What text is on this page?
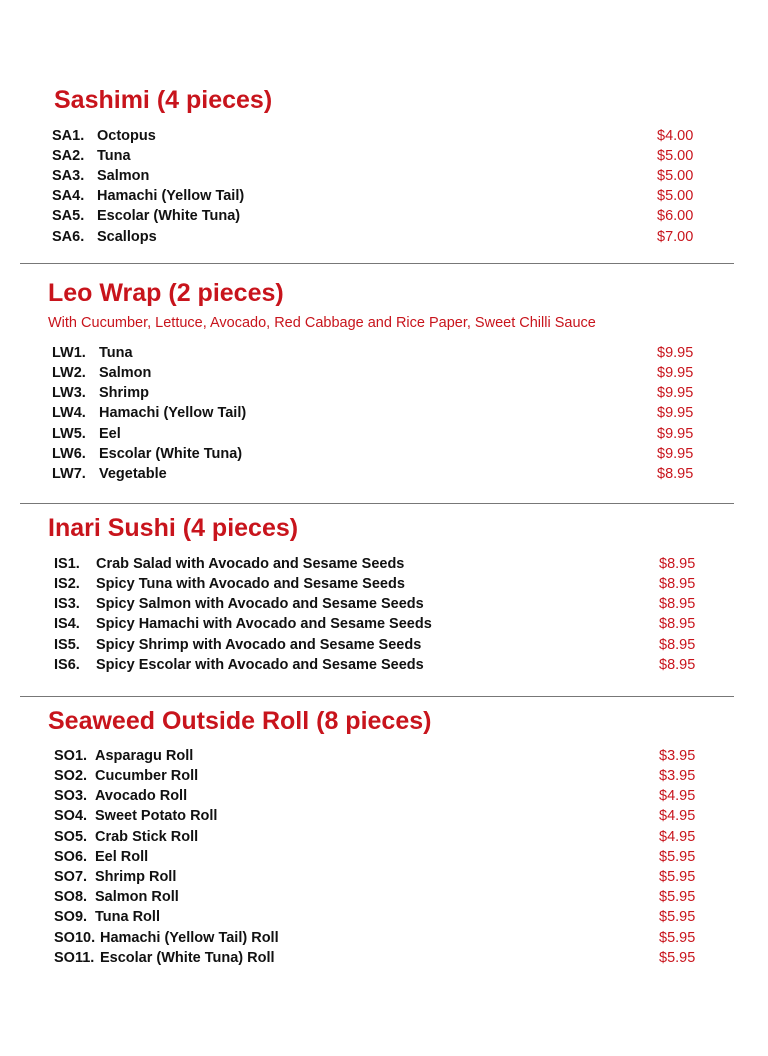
Sashimi (4 pieces)
SA1. Octopus	$4.00
SA2. Tuna	$5.00
SA3. Salmon	$5.00
SA4. Hamachi (Yellow Tail)	$5.00
SA5. Escolar (White Tuna)	$6.00
SA6. Scallops	$7.00
Leo Wrap (2 pieces)
With Cucumber, Lettuce, Avocado, Red Cabbage and Rice Paper, Sweet Chilli Sauce
LW1. Tuna	$9.95
LW2. Salmon	$9.95
LW3. Shrimp	$9.95
LW4. Hamachi (Yellow Tail)	$9.95
LW5. Eel	$9.95
LW6. Escolar (White Tuna)	$9.95
LW7. Vegetable	$8.95
Inari Sushi (4 pieces)
IS1. Crab Salad with Avocado and Sesame Seeds	$8.95
IS2. Spicy Tuna with Avocado and Sesame Seeds	$8.95
IS3. Spicy Salmon with Avocado and Sesame Seeds	$8.95
IS4. Spicy Hamachi with Avocado and Sesame Seeds	$8.95
IS5. Spicy Shrimp with Avocado and Sesame Seeds	$8.95
IS6. Spicy Escolar with Avocado and Sesame Seeds	$8.95
Seaweed Outside Roll (8 pieces)
SO1. Asparagu Roll	$3.95
SO2. Cucumber Roll	$3.95
SO3. Avocado Roll	$4.95
SO4. Sweet Potato Roll	$4.95
SO5. Crab Stick Roll	$4.95
SO6. Eel Roll	$5.95
SO7. Shrimp Roll	$5.95
SO8. Salmon Roll	$5.95
SO9. Tuna Roll	$5.95
SO10. Hamachi (Yellow Tail) Roll	$5.95
SO11. Escolar (White Tuna) Roll	$5.95
